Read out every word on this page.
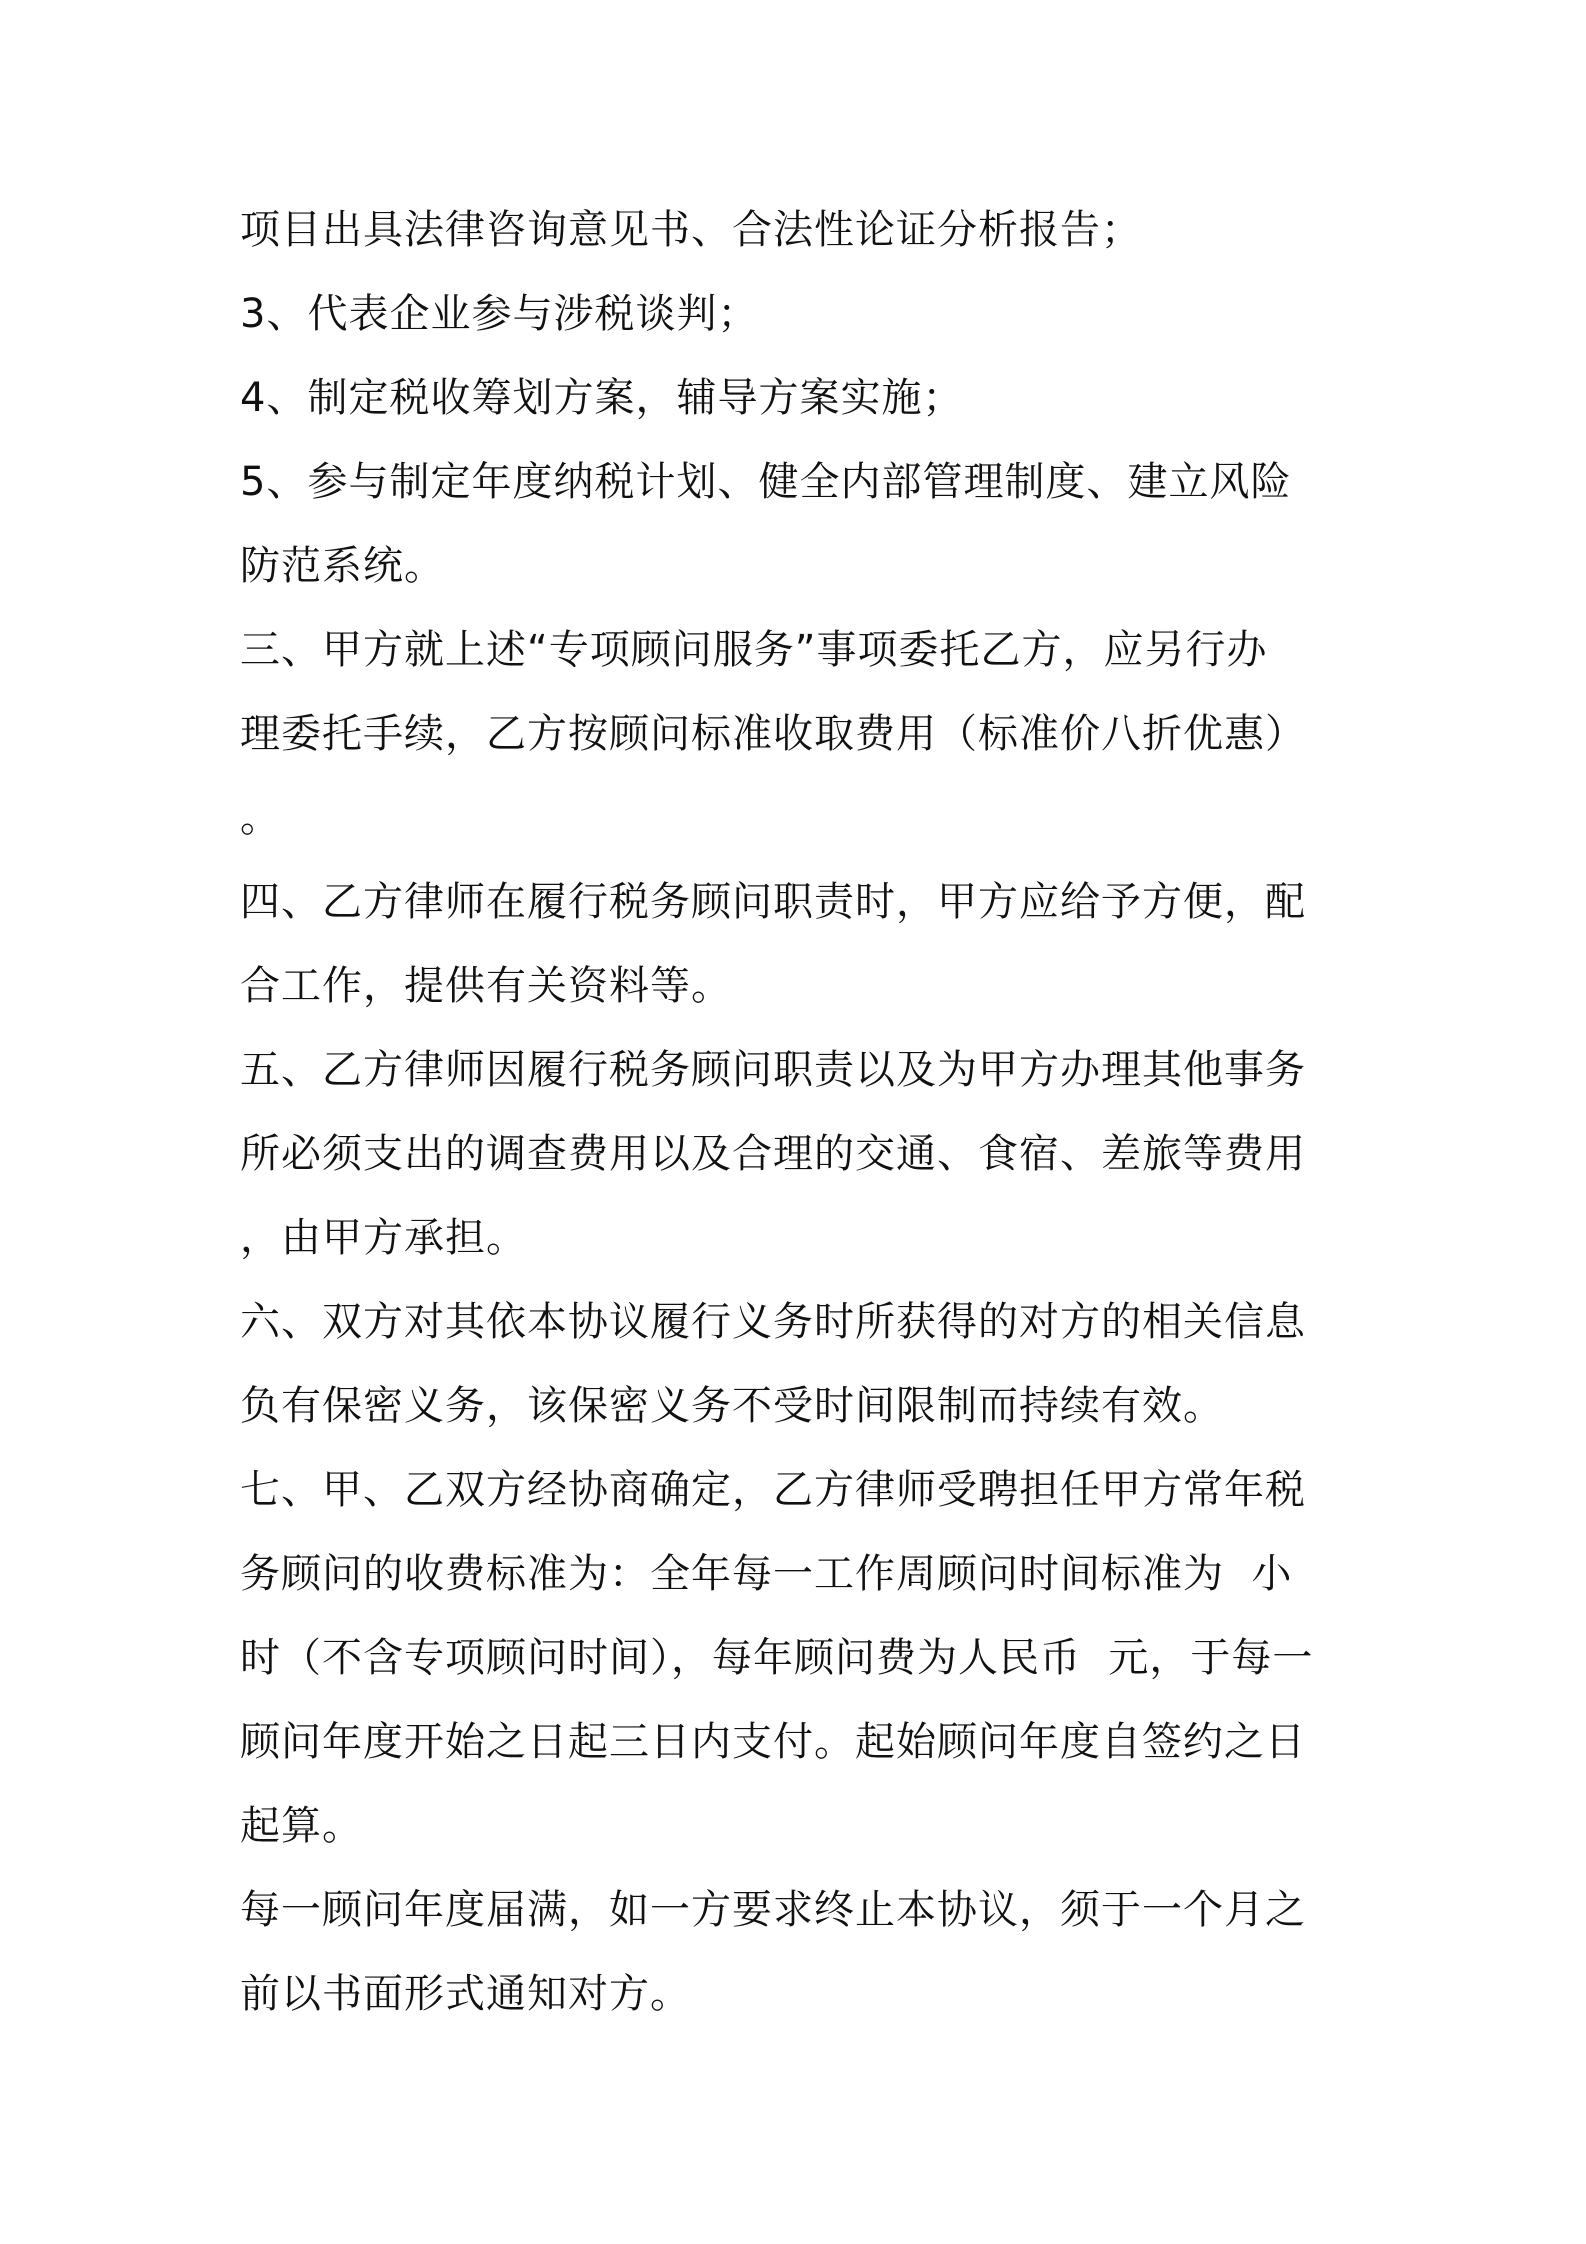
项目出具法律咨询意见书、合法性论证分析报告；
3、代表企业参与涉税谈判；
4、制定税收筹划方案，辅导方案实施；
5、参与制定年度纳税计划、健全内部管理制度、建立风险
防范系统。
三、甲方就上述“专项顾问服务”事项委托乙方，应另行办
理委托手续，乙方按顾问标准收取费用（标准价八折优惠）
。
四、乙方律师在履行税务顾问职责时，甲方应给予方便，配
合工作，提供有关资料等。
五、乙方律师因履行税务顾问职责以及为甲方办理其他事务
所必须支出的调查费用以及合理的交通、食宿、差旅等费用
，由甲方承担。
六、双方对其依本协议履行义务时所获得的对方的相关信息
负有保密义务，该保密义务不受时间限制而持续有效。
七、甲、乙双方经协商确定，乙方律师受聘担任甲方常年税
务顾问的收费标准为：全年每一工作周顾问时间标准为  小
时（不含专项顾问时间），每年顾问费为人民币  元，于每一
顾问年度开始之日起三日内支付。起始顾问年度自签约之日
起算。
每一顾问年度届满，如一方要求终止本协议，须于一个月之
前以书面形式通知对方。
